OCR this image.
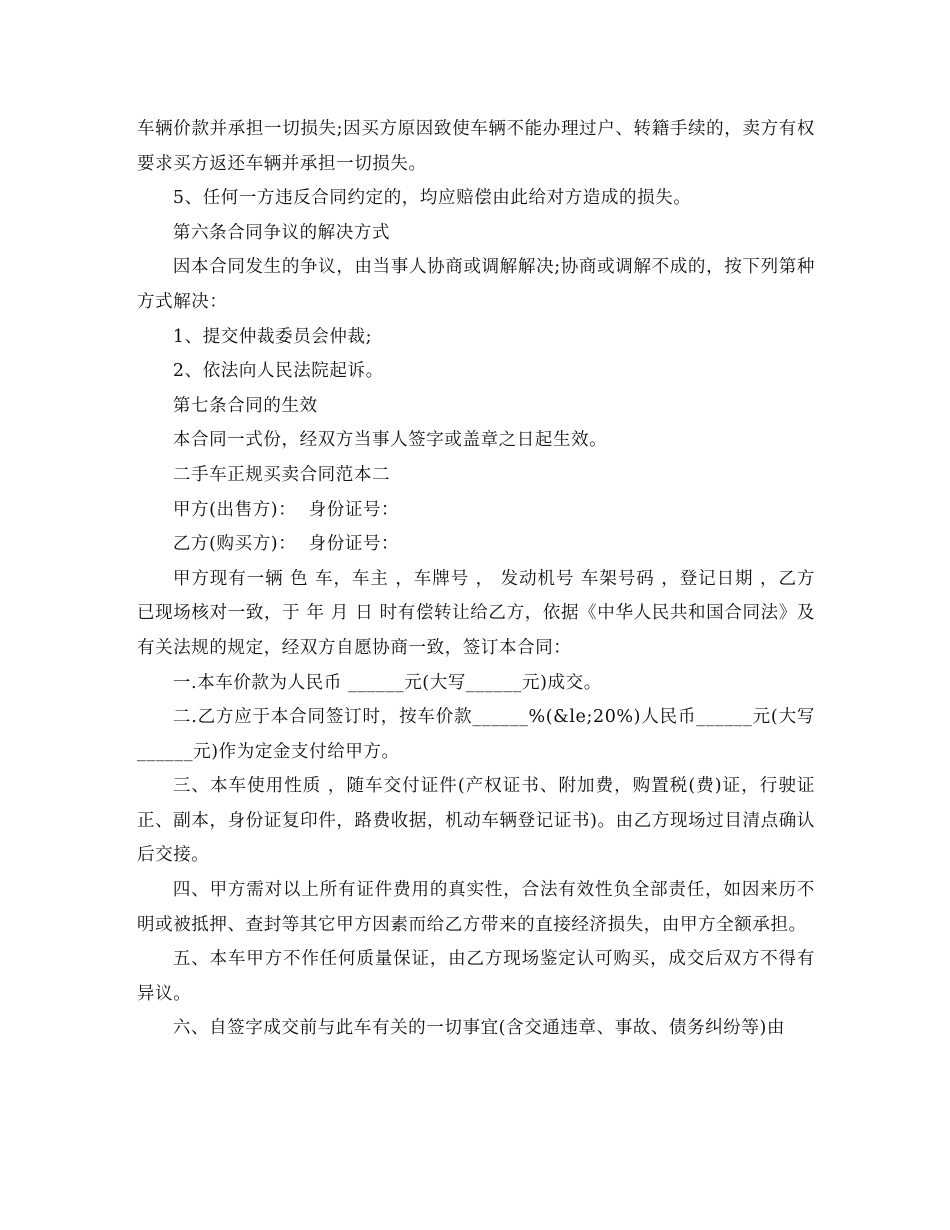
车辆价款并承担一切损失;因买方原因致使车辆不能办理过户、转籍手续的，卖方有权要求买方返还车辆并承担一切损失。

5、任何一方违反合同约定的，均应赔偿由此给对方造成的损失。

第六条合同争议的解决方式

因本合同发生的争议，由当事人协商或调解解决;协商或调解不成的，按下列第种方式解决：

1、提交仲裁委员会仲裁;

2、依法向人民法院起诉。

第七条合同的生效

本合同一式份，经双方当事人签字或盖章之日起生效。

二手车正规买卖合同范本二

甲方(出售方)：  身份证号：

乙方(购买方)：  身份证号：

甲方现有一辆 色 车，车主 ，车牌号 ， 发动机号 车架号码 ，登记日期 ，乙方已现场核对一致，于 年 月 日 时有偿转让给乙方，依据《中华人民共和国合同法》及有关法规的规定，经双方自愿协商一致，签订本合同：

一.本车价款为人民币 ______元(大写______元)成交。

二.乙方应于本合同签订时，按车价款______%(&le;20%)人民币______元(大写______元)作为定金支付给甲方。

三、本车使用性质 ，随车交付证件(产权证书、附加费，购置税(费)证，行驶证正、副本，身份证复印件，路费收据，机动车辆登记证书)。由乙方现场过目清点确认后交接。

四、甲方需对以上所有证件费用的真实性，合法有效性负全部责任，如因来历不明或被抵押、查封等其它甲方因素而给乙方带来的直接经济损失，由甲方全额承担。

五、本车甲方不作任何质量保证，由乙方现场鉴定认可购买，成交后双方不得有异议。

六、自签字成交前与此车有关的一切事宜(含交通违章、事故、债务纠纷等)由
